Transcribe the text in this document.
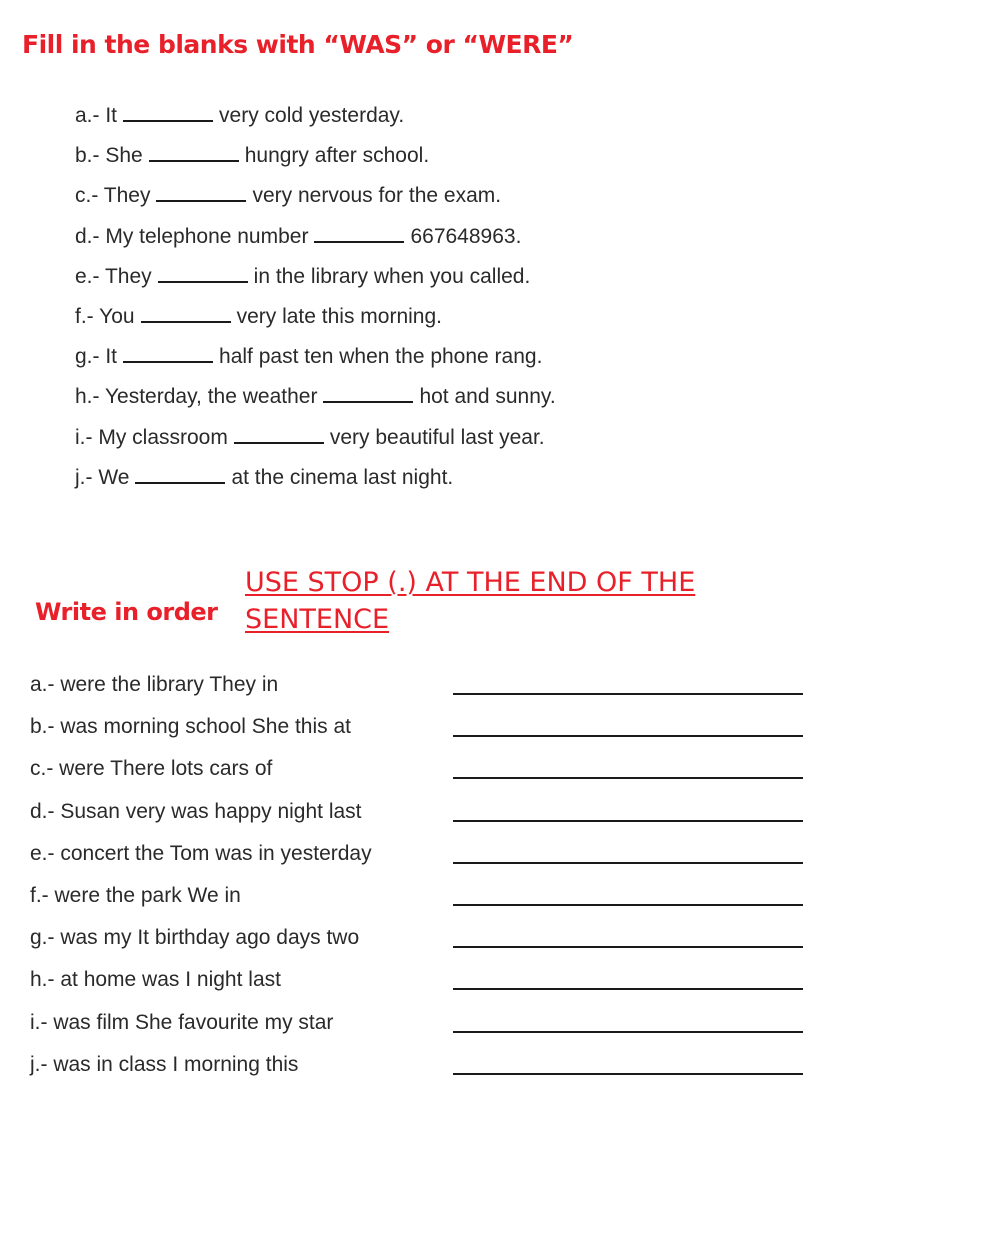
Fill in the blanks with “WAS” or “WERE”
a.- It	very cold yesterday.
b.- She	hungry after school.
c.- They	very nervous for the exam.
d.- My telephone number	667648963.
e.- They	in the library when you called.
f.- You	very late this morning.
g.- It	half past ten when the phone rang.
h.- Yesterday, the weather	hot and sunny.
i.- My classroom	very beautiful last year.
j.- We	at the cinema last night.
Write in order
USE STOP (.) AT THE END OF THE SENTENCE
a.- were the library They in
b.- was morning school She this at
c.- were There lots cars of
d.- Susan very was happy night last
e.- concert the Tom was in yesterday
f.- were the park We in
g.- was my It birthday ago days two
h.- at home was I night last
i.- was film She favourite my star
j.- was in class I morning this
